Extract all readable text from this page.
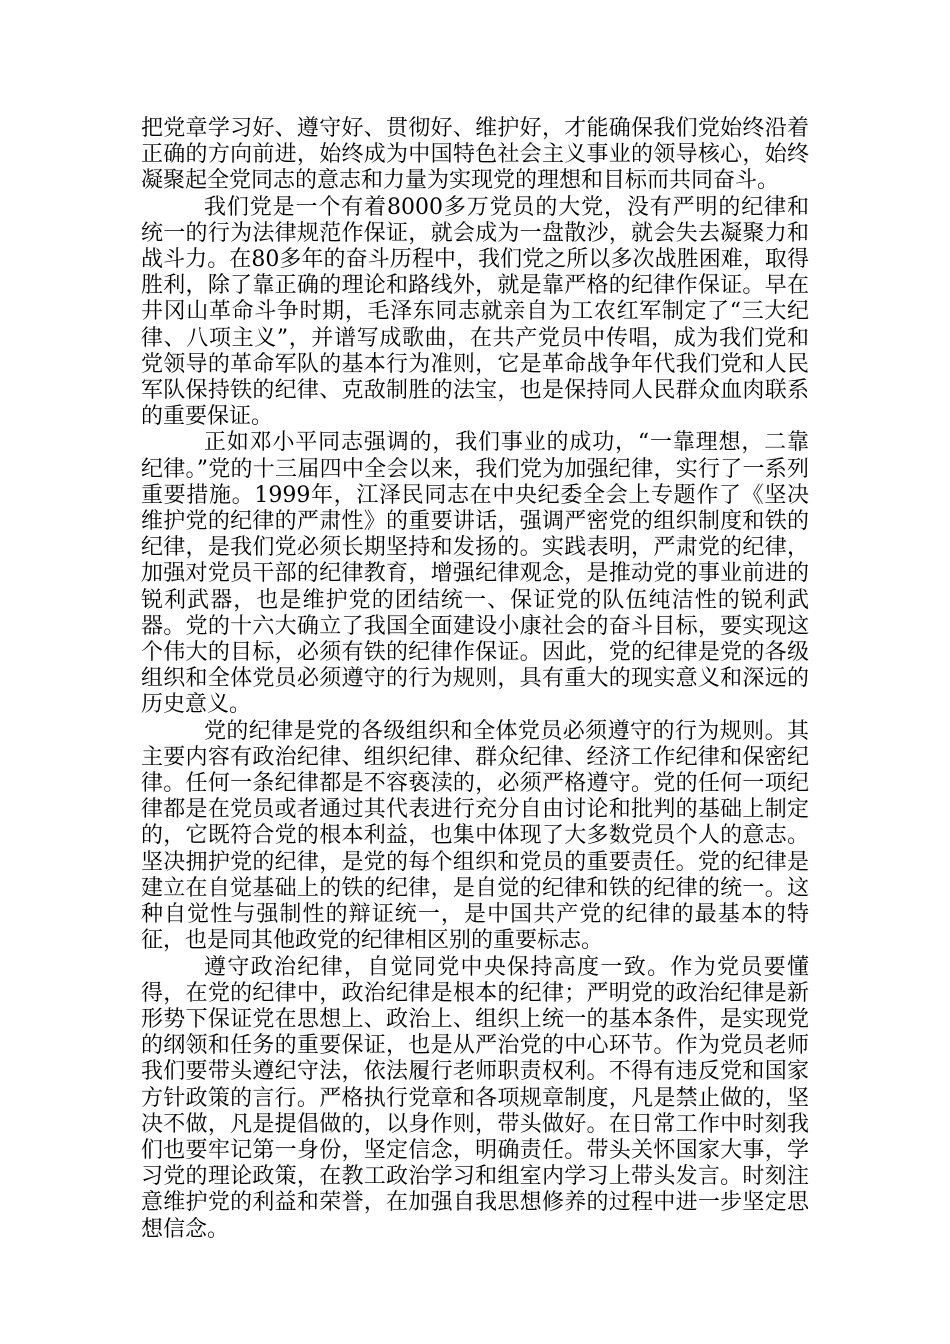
把党章学习好、遵守好、贯彻好、维护好，才能确保我们党始终沿着正确的方向前进，始终成为中国特色社会主义事业的领导核心，始终凝聚起全党同志的意志和力量为实现党的理想和目标而共同奋斗。

我们党是一个有着8000多万党员的大党，没有严明的纪律和统一的行为法律规范作保证，就会成为一盘散沙，就会失去凝聚力和战斗力。在80多年的奋斗历程中，我们党之所以多次战胜困难，取得胜利，除了靠正确的理论和路线外，就是靠严格的纪律作保证。早在井冈山革命斗争时期，毛泽东同志就亲自为工农红军制定了“三大纪律、八项主义”，并谱写成歌曲，在共产党员中传唱，成为我们党和党领导的革命军队的基本行为准则，它是革命战争年代我们党和人民军队保持铁的纪律、克敌制胜的法宝，也是保持同人民群众血肉联系的重要保证。

正如邓小平同志强调的，我们事业的成功，“一靠理想，二靠纪律。”党的十三届四中全会以来，我们党为加强纪律，实行了一系列重要措施。1999年，江泽民同志在中央纪委全会上专题作了《坚决维护党的纪律的严肃性》的重要讲话，强调严密党的组织制度和铁的纪律，是我们党必须长期坚持和发扬的。实践表明，严肃党的纪律，加强对党员干部的纪律教育，增强纪律观念，是推动党的事业前进的锐利武器，也是维护党的团结统一、保证党的队伍纯洁性的锐利武器。党的十六大确立了我国全面建设小康社会的奋斗目标，要实现这个伟大的目标，必须有铁的纪律作保证。因此，党的纪律是党的各级组织和全体党员必须遵守的行为规则，具有重大的现实意义和深远的历史意义。

党的纪律是党的各级组织和全体党员必须遵守的行为规则。其主要内容有政治纪律、组织纪律、群众纪律、经济工作纪律和保密纪律。任何一条纪律都是不容亵渎的，必须严格遵守。党的任何一项纪律都是在党员或者通过其代表进行充分自由讨论和批判的基础上制定的，它既符合党的根本利益，也集中体现了大多数党员个人的意志。坚决拥护党的纪律，是党的每个组织和党员的重要责任。党的纪律是建立在自觉基础上的铁的纪律，是自觉的纪律和铁的纪律的统一。这种自觉性与强制性的辩证统一，是中国共产党的纪律的最基本的特征，也是同其他政党的纪律相区别的重要标志。

遵守政治纪律，自觉同党中央保持高度一致。作为党员要懂得，在党的纪律中，政治纪律是根本的纪律；严明党的政治纪律是新形势下保证党在思想上、政治上、组织上统一的基本条件，是实现党的纲领和任务的重要保证，也是从严治党的中心环节。作为党员老师我们要带头遵纪守法，依法履行老师职责权利。不得有违反党和国家方针政策的言行。严格执行党章和各项规章制度，凡是禁止做的，坚决不做，凡是提倡做的，以身作则，带头做好。在日常工作中时刻我们也要牢记第一身份，坚定信念，明确责任。带头关怀国家大事，学习党的理论政策，在教工政治学习和组室内学习上带头发言。时刻注意维护党的利益和荣誉，在加强自我思想修养的过程中进一步坚定思想信念。
